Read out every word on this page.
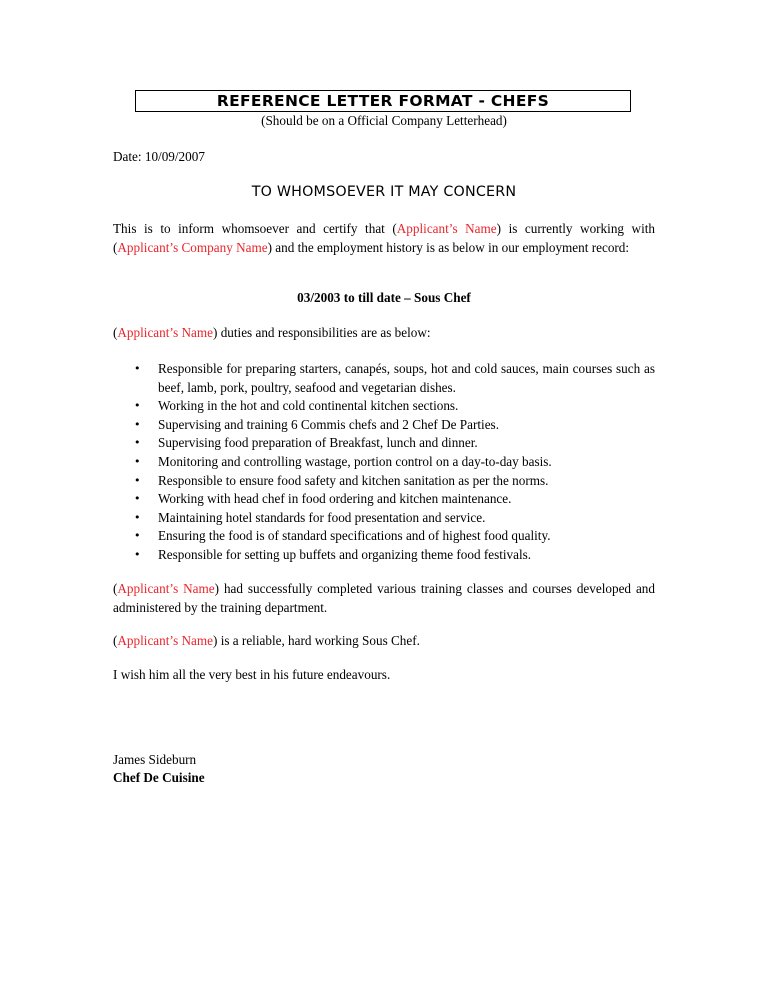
REFERENCE LETTER FORMAT - CHEFS
(Should be on a Official Company Letterhead)
Date: 10/09/2007
TO WHOMSOEVER IT MAY CONCERN
This is to inform whomsoever and certify that (Applicant’s Name) is currently working with (Applicant’s Company Name) and the employment history is as below in our employment record:
03/2003 to till date – Sous Chef
(Applicant’s Name) duties and responsibilities are as below:
• Responsible for preparing starters, canapés, soups, hot and cold sauces, main courses such as beef, lamb, pork, poultry, seafood and vegetarian dishes.
• Working in the hot and cold continental kitchen sections.
• Supervising and training 6 Commis chefs and 2 Chef De Parties.
• Supervising food preparation of Breakfast, lunch and dinner.
• Monitoring and controlling wastage, portion control on a day-to-day basis.
• Responsible to ensure food safety and kitchen sanitation as per the norms.
• Working with head chef in food ordering and kitchen maintenance.
• Maintaining hotel standards for food presentation and service.
• Ensuring the food is of standard specifications and of highest food quality.
• Responsible for setting up buffets and organizing theme food festivals.
(Applicant’s Name) had successfully completed various training classes and courses developed and administered by the training department.
(Applicant’s Name) is a reliable, hard working Sous Chef.
I wish him all the very best in his future endeavours.
James Sideburn
Chef De Cuisine
